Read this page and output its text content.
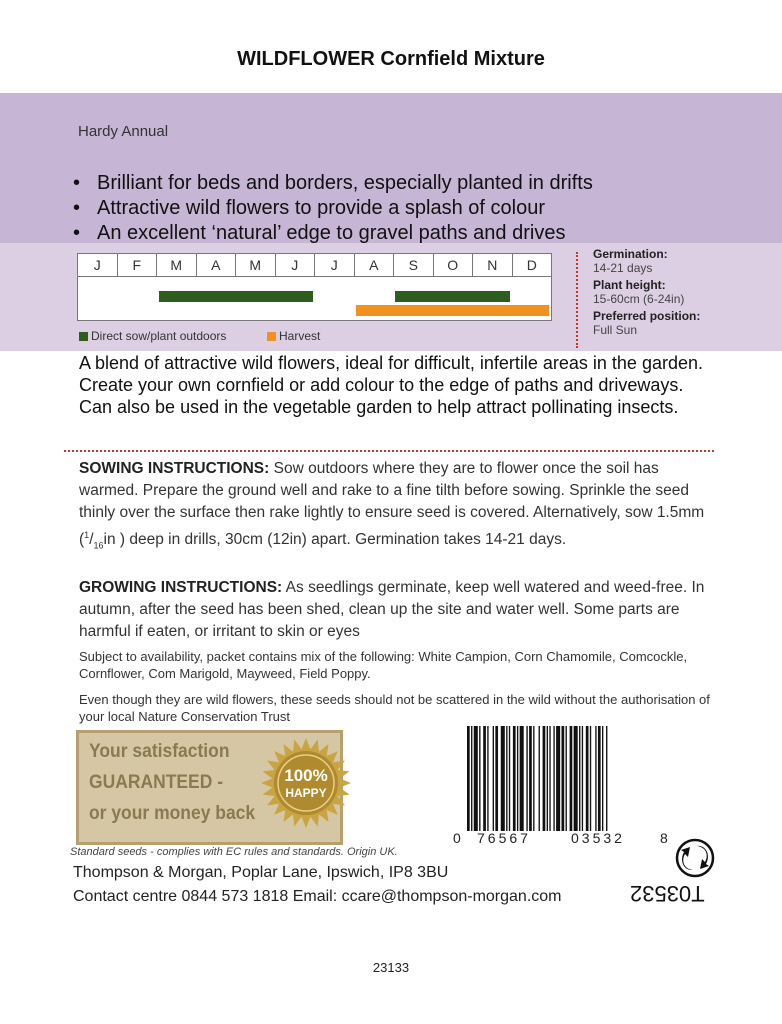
WILDFLOWER Cornfield Mixture
Hardy Annual
• Brilliant for beds and borders, especially planted in drifts
• Attractive wild flowers to provide a splash of colour
• An excellent ‘natural’ edge to gravel paths and drives
J	F	M	A	M	J	J	A	S	O	N	D
Direct sow/plant outdoors	Harvest
Germination:
14-21 days
Plant height:
15-60cm (6-24in)
Preferred position:
Full Sun
A blend of attractive wild flowers, ideal for difficult, infertile areas in the garden. Create your own cornfield or add colour to the edge of paths and driveways. Can also be used in the vegetable garden to help attract pollinating insects.
SOWING INSTRUCTIONS: Sow outdoors where they are to flower once the soil has warmed. Prepare the ground well and rake to a fine tilth before sowing. Sprinkle the seed thinly over the surface then rake lightly to ensure seed is covered. Alternatively, sow 1.5mm ($^1/_{16}in$ ) deep in drills, 30cm (12in) apart. Germination takes 14-21 days.
GROWING INSTRUCTIONS: As seedlings germinate, keep well watered and weed-free. In autumn, after the seed has been shed, clean up the site and water well. Some parts are harmful if eaten, or irritant to skin or eyes
Subject to availability, packet contains mix of the following: White Campion, Corn Chamomile, Comcockle, Cornflower, Com Marigold, Mayweed, Field Poppy.
Even though they are wild flowers, these seeds should not be scattered in the wild without the authorisation of your local Nature Conservation Trust
Your satisfaction
GUARANTEED -
or your money back
100%
HAPPY
0 76567	03532	8
Standard seeds - complies with EC rules and standards. Origin UK.
Thompson & Morgan, Poplar Lane, Ipswich, IP8 3BU
Contact centre 0844 573 1818 Email: ccare@thompson-morgan.com	T03532
23133
